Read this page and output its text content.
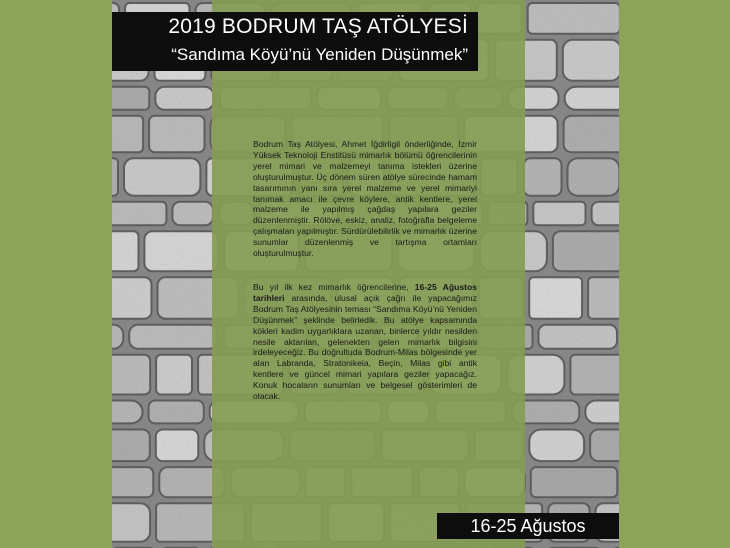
2019 BODRUM TAŞ ATÖLYESİ
“Sandıma Köyü’nü Yeniden Düşünmek”

Bodrum Taş Atölyesi, Ahmet İğdirligil önderliğinde, İzmir Yüksek Teknoloji Enstitüsü mimarlık bölümü öğrencilerinin yerel mimari ve malzemeyi tanıma istekleri üzerine oluşturulmuştur. Üç dönem süren atölye sürecinde hamam tasarımının yanı sıra yerel malzeme ve yerel mimariyi tanımak amacı ile çevre köylere, antik kentlere, yerel malzeme ile yapılmış çağdaş yapılara geziler düzenlenmiştir. Rölöve, eskiz, analiz, fotoğrafla belgeleme çalışmaları yapılmıştır. Sürdürülebilirlik ve mimarlık üzerine sunumlar düzenlenmiş ve tartışma ortamları oluşturulmuştur.

Bu yıl ilk kez mimarlık öğrencilerine, 16-25 Ağustos tarihleri arasında, ulusal açık çağrı ile yapacağımız Bodrum Taş Atölyesinin teması “Sandıma Köyü’nü Yeniden Düşünmek” şeklinde belirledik. Bu atölye kapsamında kökleri kadim uygarlıklara uzanan, binlerce yıldır nesilden nesile aktarılan, gelenekten gelen mimarlık bilgisini irdeleyeceğiz. Bu doğrultuda Bodrum-Milas bölgesinde yer alan Labranda, Stratonikeia, Beçin, Milas gibi antik kentlere ve güncel mimari yapılara geziler yapacağız. Konuk hocaların sunumları ve belgesel gösterimleri de olacak.

16-25 Ağustos
